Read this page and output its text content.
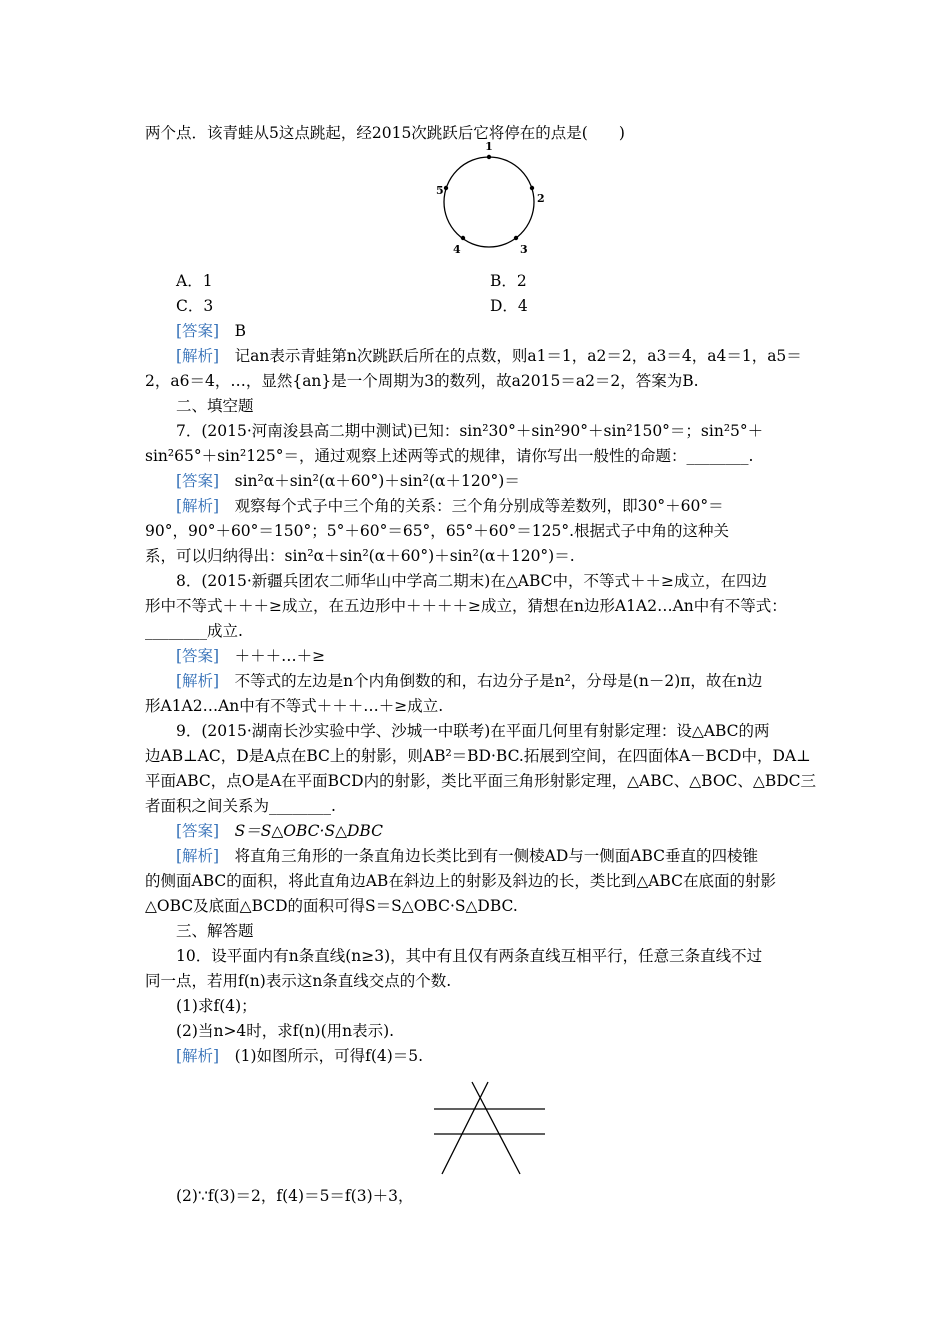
两个点．该青蛙从5这点跳起，经2015次跳跃后它将停在的点是(　　)
1
2
3
4
5
A．1	B．2
C．3	D．4
[答案]　 B
[解析]　 记an表示青蛙第n次跳跃后所在的点数，则a1＝1，a2＝2，a3＝4，a4＝1，a5＝
2，a6＝4，…，显然{an}是一个周期为3的数列，故a2015＝a2＝2，答案为B.
二、填空题
7．(2015·河南浚县高二期中测试)已知：sin²30°＋sin²90°＋sin²150°＝；sin²5°＋
sin²65°＋sin²125°＝，通过观察上述两等式的规律，请你写出一般性的命题：________.
[答案]　 sin²α＋sin²(α＋60°)＋sin²(α＋120°)＝
[解析]　 观察每个式子中三个角的关系：三个角分别成等差数列，即30°＋60°＝
90°，90°＋60°＝150°；5°＋60°＝65°，65°＋60°＝125°.根据式子中角的这种关
系，可以归纳得出：sin²α＋sin²(α＋60°)＋sin²(α＋120°)＝.
8．(2015·新疆兵团农二师华山中学高二期末)在△ABC中，不等式＋＋≥成立，在四边
形中不等式＋＋＋≥成立，在五边形中＋＋＋＋≥成立，猜想在n边形A1A2…An中有不等式：
________成立.
[答案]　 ＋＋＋…＋≥
[解析]　 不等式的左边是n个内角倒数的和，右边分子是n²，分母是(n－2)π，故在n边
形A1A2…An中有不等式＋＋＋…＋≥成立.
9．(2015·湖南长沙实验中学、沙城一中联考)在平面几何里有射影定理：设△ABC的两
边AB⊥AC，D是A点在BC上的射影，则AB²＝BD·BC.拓展到空间，在四面体A－BCD中，DA⊥
平面ABC，点O是A在平面BCD内的射影，类比平面三角形射影定理，△ABC、△BOC、△BDC三
者面积之间关系为________.
[答案]　 S＝S△OBC·S△DBC
[解析]　 将直角三角形的一条直角边长类比到有一侧棱AD与一侧面ABC垂直的四棱锥
的侧面ABC的面积，将此直角边AB在斜边上的射影及斜边的长，类比到△ABC在底面的射影
△OBC及底面△BCD的面积可得S＝S△OBC·S△DBC.
三、解答题
10．设平面内有n条直线(n≥3)，其中有且仅有两条直线互相平行，任意三条直线不过
同一点，若用f(n)表示这n条直线交点的个数.
(1)求f(4)；
(2)当n>4时，求f(n)(用n表示).
[解析]　 (1)如图所示，可得f(4)＝5.
(2)∵f(3)＝2，f(4)＝5＝f(3)＋3，
